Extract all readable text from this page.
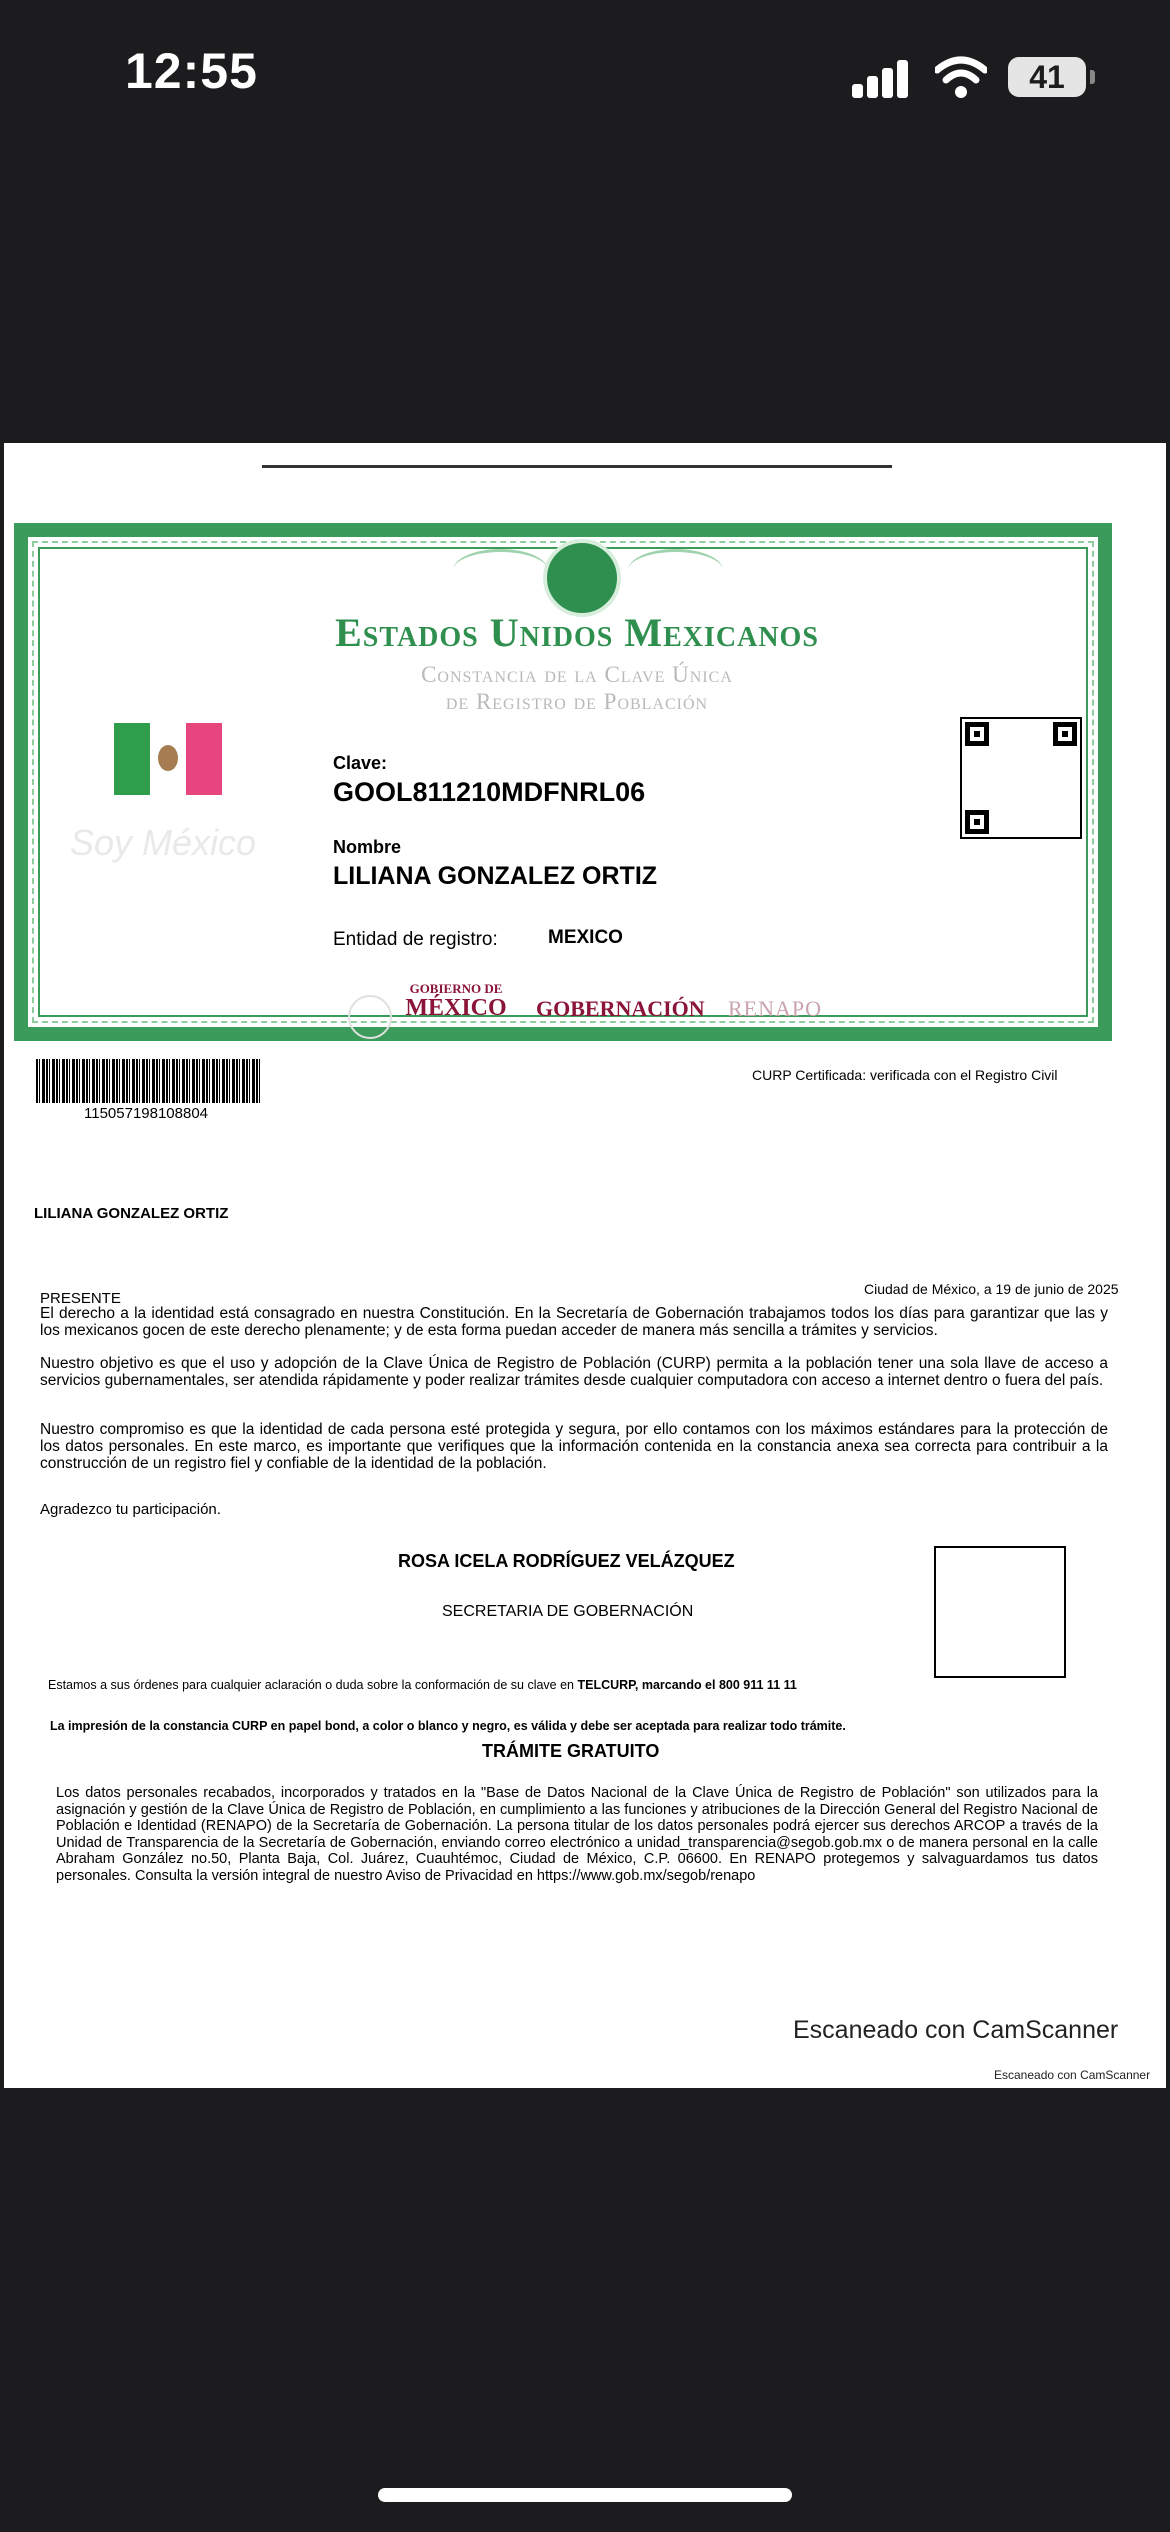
12:55	41
Estados Unidos Mexicanos
Constancia de la Clave Única
de Registro de Población
Soy México
Clave:
GOOL811210MDFNRL06
Nombre
LILIANA GONZALEZ ORTIZ
Entidad de registro:	MEXICO
GOBIERNO DE
MÉXICO	GOBERNACIÓN RENAPO
115057198108804
CURP Certificada: verificada con el Registro Civil
LILIANA GONZALEZ ORTIZ
Ciudad de México, a 19 de junio de 2025
PRESENTE
El derecho a la identidad está consagrado en nuestra Constitución. En la Secretaría de Gobernación trabajamos todos los días para garantizar que las y los mexicanos gocen de este derecho plenamente; y de esta forma puedan acceder de manera más sencilla a trámites y servicios.
Nuestro objetivo es que el uso y adopción de la Clave Única de Registro de Población (CURP) permita a la población tener una sola llave de acceso a servicios gubernamentales, ser atendida rápidamente y poder realizar trámites desde cualquier computadora con acceso a internet dentro o fuera del país.
Nuestro compromiso es que la identidad de cada persona esté protegida y segura, por ello contamos con los máximos estándares para la protección de los datos personales. En este marco, es importante que verifiques que la información contenida en la constancia anexa sea correcta para contribuir a la construcción de un registro fiel y confiable de la identidad de la población.
Agradezco tu participación.
ROSA ICELA RODRÍGUEZ VELÁZQUEZ
SECRETARIA DE GOBERNACIÓN
Estamos a sus órdenes para cualquier aclaración o duda sobre la conformación de su clave en TELCURP, marcando el 800 911 11 11
La impresión de la constancia CURP en papel bond, a color o blanco y negro, es válida y debe ser aceptada para realizar todo trámite.
TRÁMITE GRATUITO
Los datos personales recabados, incorporados y tratados en la "Base de Datos Nacional de la Clave Única de Registro de Población" son utilizados para la asignación y gestión de la Clave Única de Registro de Población, en cumplimiento a las funciones y atribuciones de la Dirección General del Registro Nacional de Población e Identidad (RENAPO) de la Secretaría de Gobernación. La persona titular de los datos personales podrá ejercer sus derechos ARCOP a través de la Unidad de Transparencia de la Secretaría de Gobernación, enviando correo electrónico a unidad_transparencia@segob.gob.mx o de manera personal en la calle Abraham González no.50, Planta Baja, Col. Juárez, Cuauhtémoc, Ciudad de México, C.P. 06600. En RENAPO protegemos y salvaguardamos tus datos personales. Consulta la versión integral de nuestro Aviso de Privacidad en https://www.gob.mx/segob/renapo
Escaneado con CamScanner
Escaneado con CamScanner
